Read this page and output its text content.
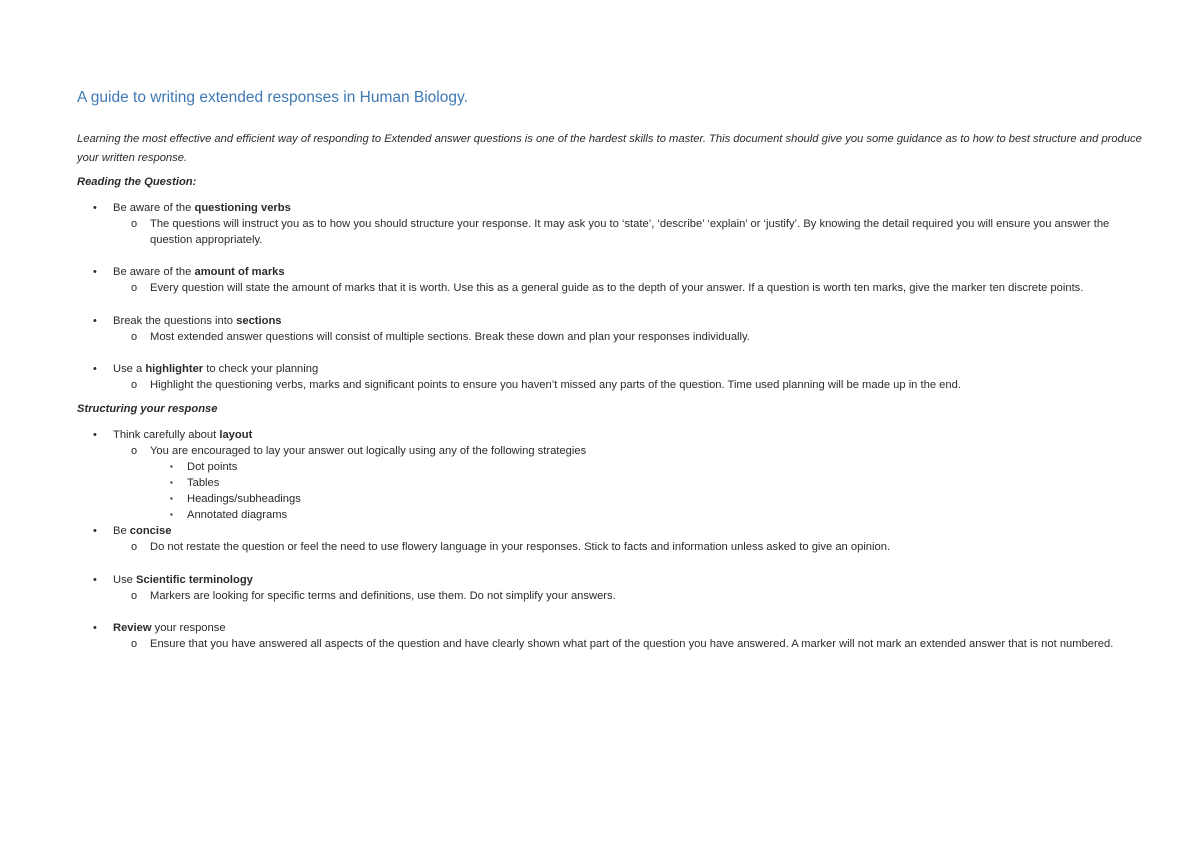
A guide to writing extended responses in Human Biology.

Learning the most effective and efficient way of responding to Extended answer questions is one of the hardest skills to master. This document should give you some guidance as to how to best structure and produce your written response.

Reading the Question:

• Be aware of the questioning verbs

o The questions will instruct you as to how you should structure your response. It may ask you to ‘state’, ‘describe’ ‘explain’ or ‘justify’. By knowing the detail required you will ensure you answer the question appropriately.

• Be aware of the amount of marks

o Every question will state the amount of marks that it is worth. Use this as a general guide as to the depth of your answer. If a question is worth ten marks, give the marker ten discrete points.

• Break the questions into sections

o Most extended answer questions will consist of multiple sections. Break these down and plan your responses individually.

• Use a highlighter to check your planning

o Highlight the questioning verbs, marks and significant points to ensure you haven’t missed any parts of the question. Time used planning will be made up in the end.

Structuring your response

• Think carefully about layout

o You are encouraged to lay your answer out logically using any of the following strategies

▪ Dot points

▪ Tables

▪ Headings/subheadings

▪ Annotated diagrams

• Be concise

o Do not restate the question or feel the need to use flowery language in your responses. Stick to facts and information unless asked to give an opinion.

• Use Scientific terminology

o Markers are looking for specific terms and definitions, use them. Do not simplify your answers.

• Review your response

o Ensure that you have answered all aspects of the question and have clearly shown what part of the question you have answered. A marker will not mark an extended answer that is not numbered.
